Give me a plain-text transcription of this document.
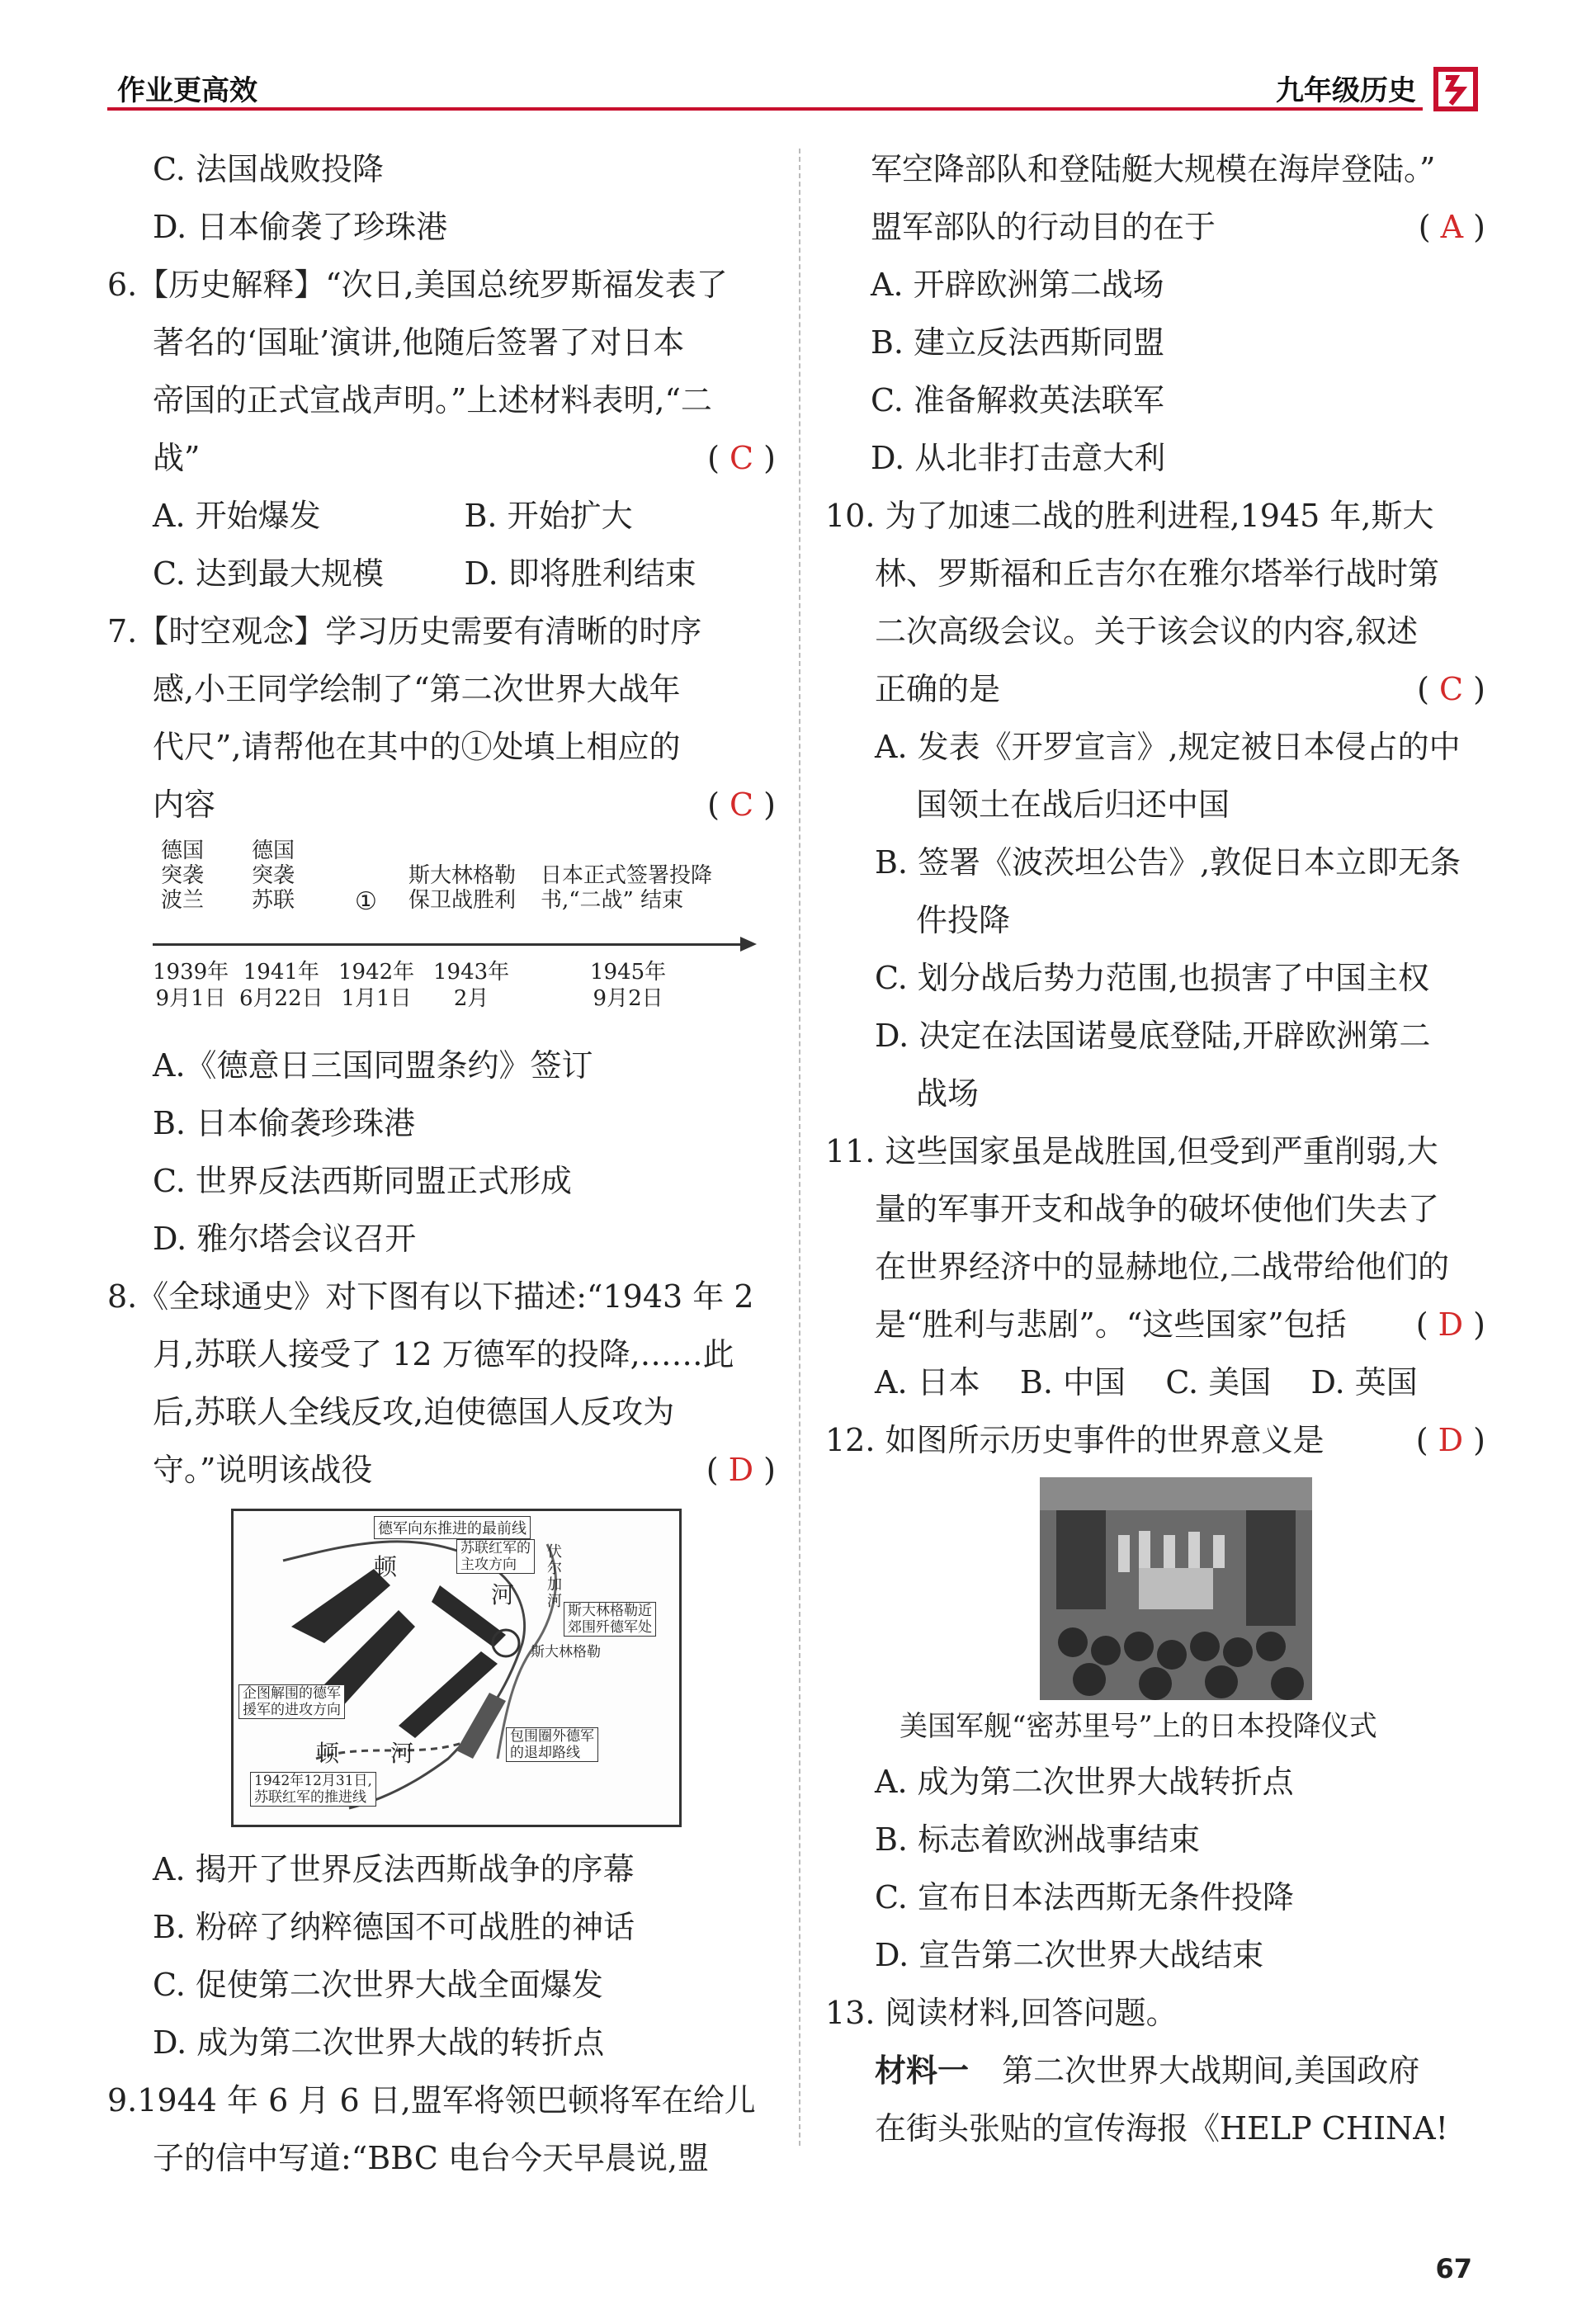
作业更高效	九年级历史
C. 法国战败投降
D. 日本偷袭了珍珠港
6.【历史解释】“次日,美国总统罗斯福发表了
著名的‘国耻’演讲,他随后签署了对日本
帝国的正式宣战声明。”上述材料表明,“二
战”	( C )
A. 开始爆发	B. 开始扩大
C. 达到最大规模	D. 即将胜利结束
7.【时空观念】学习历史需要有清晰的时序
感,小王同学绘制了“第二次世界大战年
代尺”,请帮他在其中的①处填上相应的
内容	( C )
德国
突袭
波兰
德国
突袭
苏联 ①
斯大林格勒
保卫战胜利
日本正式签署投降
书,“二战” 结束
1939年
9月1日
1941年
6月22日
1942年
1月1日
1943年
2月
1945年
9月2日
A.《德意日三国同盟条约》签订
B. 日本偷袭珍珠港
C. 世界反法西斯同盟正式形成
D. 雅尔塔会议召开
8.《全球通史》对下图有以下描述:“1943 年 2
月,苏联人接受了 12 万德军的投降,……此
后,苏联人全线反攻,迫使德国人反攻为
守。”说明该战役	( D )
德军向东推进的最前线
苏联红军的
主攻方向
顿
河
伏
尔
加
河
斯大林格勒近
郊围歼德军处
斯大林格勒
企图解围的德军
援军的进攻方向
顿 河
包围圈外德军
的退却路线
1942年12月31日,
苏联红军的推进线
A. 揭开了世界反法西斯战争的序幕
B. 粉碎了纳粹德国不可战胜的神话
C. 促使第二次世界大战全面爆发
D. 成为第二次世界大战的转折点
9.1944 年 6 月 6 日,盟军将领巴顿将军在给儿
子的信中写道:“BBC 电台今天早晨说,盟
军空降部队和登陆艇大规模在海岸登陆。”
盟军部队的行动目的在于	( A )
A. 开辟欧洲第二战场
B. 建立反法西斯同盟
C. 准备解救英法联军
D. 从北非打击意大利
10. 为了加速二战的胜利进程,1945 年,斯大
林、罗斯福和丘吉尔在雅尔塔举行战时第
二次高级会议。关于该会议的内容,叙述
正确的是	( C )
A. 发表《开罗宣言》,规定被日本侵占的中
国领土在战后归还中国
B. 签署《波茨坦公告》,敦促日本立即无条
件投降
C. 划分战后势力范围,也损害了中国主权
D. 决定在法国诺曼底登陆,开辟欧洲第二
战场
11. 这些国家虽是战胜国,但受到严重削弱,大
量的军事开支和战争的破坏使他们失去了
在世界经济中的显赫地位,二战带给他们的
是“胜利与悲剧”。“这些国家”包括 ( D )
A. 日本    B. 中国    C. 美国    D. 英国
12. 如图所示历史事件的世界意义是	( D )
美国军舰“密苏里号”上的日本投降仪式
A. 成为第二次世界大战转折点
B. 标志着欧洲战事结束
C. 宣布日本法西斯无条件投降
D. 宣告第二次世界大战结束
13. 阅读材料,回答问题。
材料一 第二次世界大战期间,美国政府
在街头张贴的宣传海报《HELP CHINA!
67
